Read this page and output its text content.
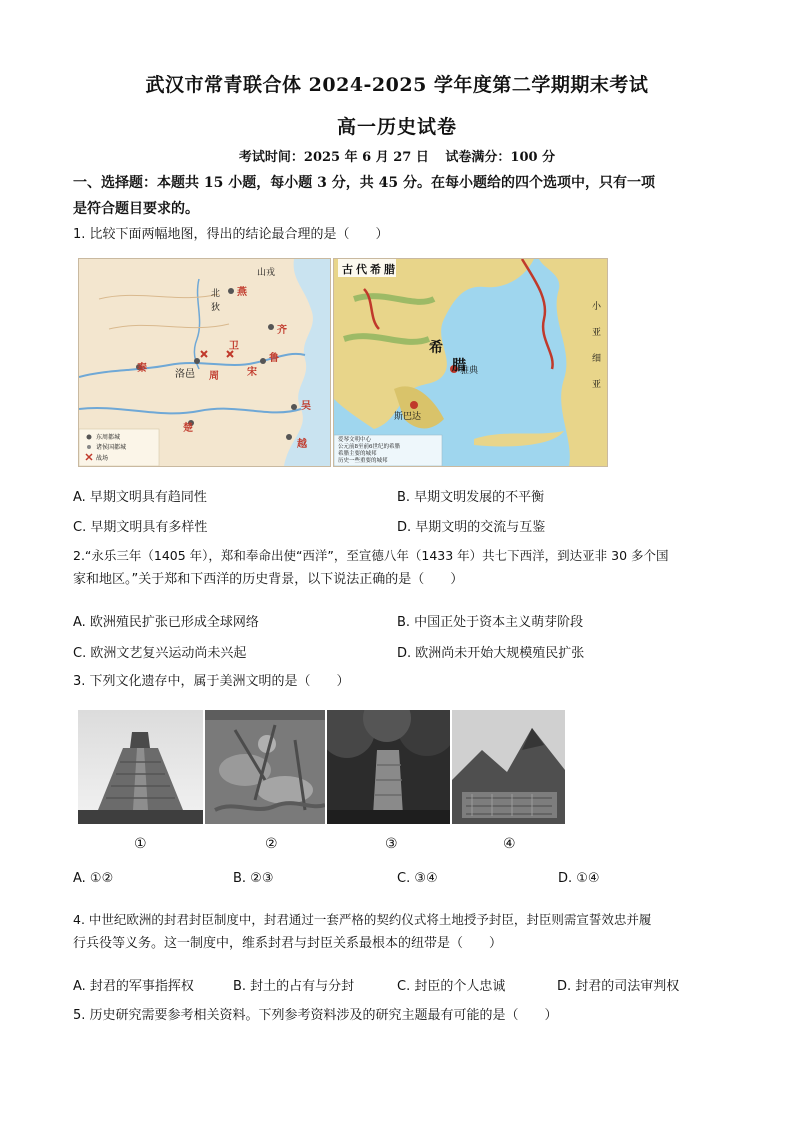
武汉市常青联合体 2024-2025 学年度第二学期期末考试
高一历史试卷
考试时间：2025 年 6 月 27 日 试卷满分：100 分
一、选择题：本题共 15 小题，每小题 3 分，共 45 分。在每小题给的四个选项中，只有一项
是符合题目要求的。
1. 比较下面两幅地图，得出的结论最合理的是（　　）
山戎
北
狄
燕
齐
鲁
宋
卫
秦
洛邑 周
楚
吴
越
东周都城
诸侯国都城
战场
古代希腊
希
腊
斯巴达
雅典
小
亚
细
亚
爱琴文明中心
公元前8至前6世纪的希腊
希腊主要的城邦
历史一些重要的城邦
A. 早期文明具有趋同性	B. 早期文明发展的不平衡
C. 早期文明具有多样性	D. 早期文明的交流与互鉴
2.“永乐三年（1405 年），郑和奉命出使“西洋”，至宣德八年（1433 年）共七下西洋，到达亚非 30 多个国
家和地区。”关于郑和下西洋的历史背景，以下说法正确的是（　　）
A. 欧洲殖民扩张已形成全球网络	B. 中国正处于资本主义萌芽阶段
C. 欧洲文艺复兴运动尚未兴起	D. 欧洲尚未开始大规模殖民扩张
3. 下列文化遗存中，属于美洲文明的是（　　）
①	②	③	④
A. ①②	B. ②③	C. ③④	D. ①④
4. 中世纪欧洲的封君封臣制度中，封君通过一套严格的契约仪式将土地授予封臣，封臣则需宣誓效忠并履
行兵役等义务。这一制度中，维系封君与封臣关系最根本的纽带是（　　）
A. 封君的军事指挥权	B. 封土的占有与分封	C. 封臣的个人忠诚	D. 封君的司法审判权
5. 历史研究需要参考相关资料。下列参考资料涉及的研究主题最有可能的是（　　）
